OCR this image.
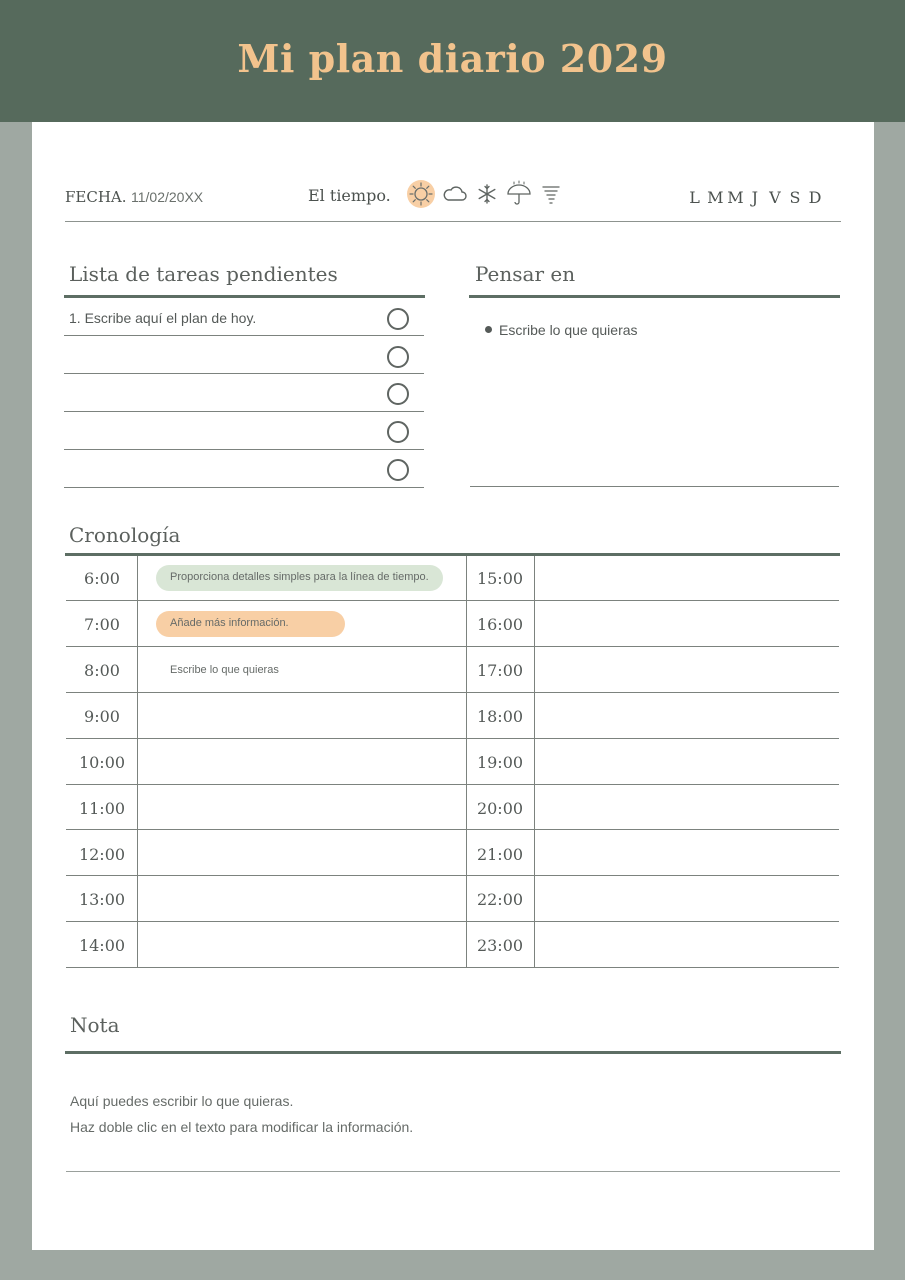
Mi plan diario 2029
FECHA. 11/02/20XX	El tiempo.	L M M J V S D
Lista de tareas pendientes
1. Escribe aquí el plan de hoy.
Pensar en
Escribe lo que quieras
Cronología
6:00
7:00
8:00
9:00
10:00
11:00
12:00
13:00
14:00
15:00
16:00
17:00
18:00
19:00
20:00
21:00
22:00
23:00
Proporciona detalles simples para la línea de tiempo.
Añade más información.
Escribe lo que quieras
Nota
Aquí puedes escribir lo que quieras.
Haz doble clic en el texto para modificar la información.
